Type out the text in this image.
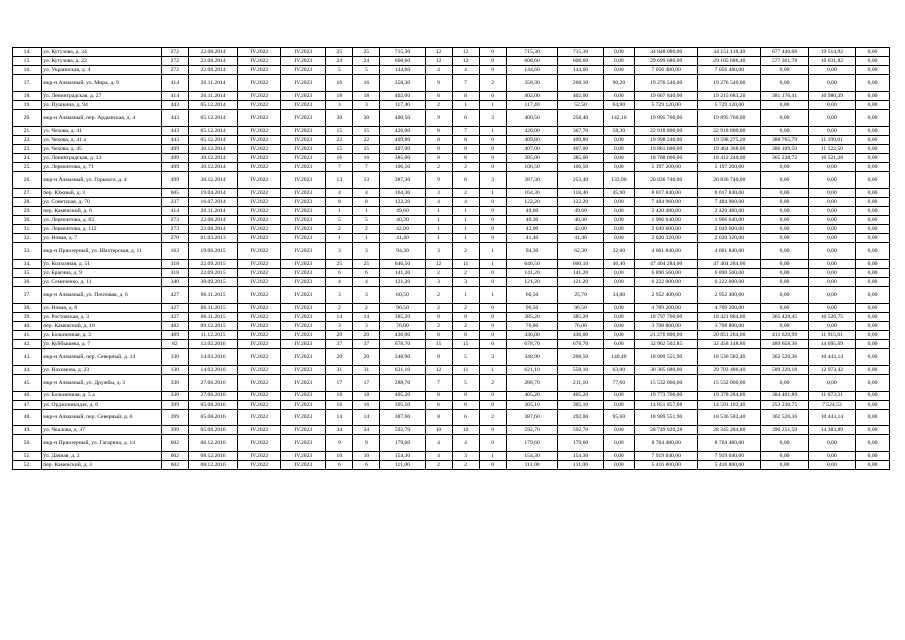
14.	ул. Кутузова, д. 34	272	22.08.2014	IV.2022	IV.2023	25	25	715,30	12	12	0	715,30	715,30	0,00	34 848 080,00	34 151 118,40	677 446,68	19 514,92	0,00
15.	ул. Кутузова, д. 22	272	22.08.2014	IV.2022	IV.2023	24	24	608,60	12	12	0	608,60	608,60	0,00	29 699 680,00	29 105 686,40	577 361,78	16 631,82	0,00
16.	ул. Украинская, д. 4	272	22.08.2014	IV.2022	IV.2023	5	5	144,60	4	4	0	144,60	144,60	0,00	7 056 480,00	7 056 480,00	0,00	0,00	0,00
17.	мкр-н Алмазный, ул. Мира, д. 9	414	26.11.2014	IV.2022	IV.2023	16	16	358,30	9	7	2	358,30	268,10	90,20	19 276 540,00	19 276 540,00	0,00	0,00	0,00
18.	ул. Ленинградская, д. 27	414	26.11.2014	IV.2022	IV.2023	18	18	402,00	8	8	0	402,00	402,00	0,00	19 607 840,00	19 215 683,20	381 176,41	10 980,39	0,00
19.	ул. Пушкина, д. 94	443	05.12.2014	IV.2022	IV.2023	3	3	117,40	2	1	1	117,40	52,50	64,90	5 729 120,00	5 729 120,00	0,00	0,00	0,00
20.	мкр-н Алмазный, пер. Ардынская, д. 4	443	05.12.2014	IV.2022	IV.2023	30	30	400,50	9	6	3	400,50	258,40	142,10	19 895 760,00	19 895 760,00	0,00	0,00	0,00
21.	ул. Чехова, д. 41	443	05.12.2014	IV.2022	IV.2023	15	15	426,00	8	7	1	426,00	367,70	58,30	22 918 800,00	22 918 800,00	0,00	0,00	0,00
22.	ул. Чехова, д. 41 а	443	05.12.2014	IV.2022	IV.2023	22	22	409,80	8	8	0	409,80	409,80	0,00	19 998 240,00	19 598 275,20	388 765,79	11 199,01	0,00
23.	ул. Чехова, д. 45	499	30.12.2014	IV.2022	IV.2023	15	15	407,00	8	8	0	407,00	407,00	0,00	19 861 600,00	19 464 368,00	386 109,50	11 122,50	0,00
24.	ул. Ленинградская, д. 13	499	30.12.2014	IV.2022	IV.2023	16	16	385,00	8	8	0	385,00	385,00	0,00	18 788 000,00	18 412 240,00	365 238,72	10 521,28	0,00
25.	ул. Лермонтова, д. 71	499	30.12.2014	IV.2022	IV.2023	7	7	106,50	2	2	0	106,50	106,50	0,00	5 197 200,00	5 197 200,00	0,00	0,00	0,00
26.	мкр-н Алмазный, ул. Горького, д. 4	499	30.12.2014	IV.2022	IV.2023	13	13	387,30	9	6	3	387,30	253,40	133,90	20 836 740,00	20 836 740,00	0,00	0,00	0,00
27.	пер. Южный, д. 3	605	19.04.2014	IV.2022	IV.2023	4	4	164,30	3	2	1	164,30	118,40	45,90	8 017 840,00	8 017 840,00	0,00	0,00	0,00
28.	ул. Советская, д. 70	237	16.07.2014	IV.2022	IV.2023	8	8	122,20	4	4	0	122,20	122,20	0,00	7 484 960,00	7 484 960,00	0,00	0,00	0,00
29.	пер. Каменский, д. 6	414	26.11.2014	IV.2022	IV.2023	1	1	49,60	1	1	0	49,60	49,60	0,00	2 420 480,00	2 420 480,00	0,00	0,00	0,00
30.	ул. Лермонтова, д. 83	273	22.08.2014	IV.2022	IV.2023	5	5	40,30	1	1	0	40,30	40,30	0,00	1 966 640,00	1 966 640,00	0,00	0,00	0,00
31.	ул. Лермонтова, д. 112	273	22.08.2014	IV.2022	IV.2023	2	2	42,00	1	1	0	42,00	42,00	0,00	2 049 600,00	2 049 600,00	0,00	0,00	0,00
32.	ул. Новая, д. 7	270	01.03.2013	IV.2022	IV.2023	1	1	41,40	1	1	0	41,40	41,40	0,00	2 020 320,00	2 020 320,00	0,00	0,00	0,00
33.	мкр-н Приозерный, ул. Шахтерская, д. 11	163	19.06.2015	IV.2022	IV.2023	3	3	94,30	3	2	1	94,30	62,30	32,00	4 601 840,00	4 601 840,00	0,00	0,00	0,00
34.	ул. Колхозная, д. 51	318	22.09.2015	IV.2022	IV.2023	25	25	646,50	12	11	1	646,50	600,10	46,40	47 404 284,00	47 404 284,00	0,00	0,00	0,00
35.	ул. Брагина, д. 9	318	22.09.2015	IV.2022	IV.2023	6	6	141,20	2	2	0	141,20	141,20	0,00	6 890 560,00	6 890 560,00	0,00	0,00	0,00
36.	ул. Семиченко, д. 11	340	30.09.2015	IV.2022	IV.2023	4	4	121,20	3	3	0	121,20	121,20	0,00	6 222 000,00	6 222 000,00	0,00	0,00	0,00
37.	мкр-н Алмазный, ул. Почтовая, д. 6	427	06.11.2015	IV.2022	IV.2023	3	3	60,50	2	1	1	60,50	25,70	34,80	2 952 400,00	2 952 400,00	0,00	0,00	0,00
38.	ул. Новая, д. 8	427	06.11.2015	IV.2022	IV.2023	2	2	96,50	2	2	0	96,50	96,50	0,00	4 709 200,00	4 709 200,00	0,00	0,00	0,00
39.	ул. Ростовская, д. 3	427	06.11.2015	IV.2022	IV.2023	14	14	385,20	8	8	0	385,20	385,20	0,00	18 797 760,00	18 421 804,80	365 428,45	10 526,75	0,00
40.	пер. Каменский, д. 10	482	09.12.2015	IV.2022	IV.2023	3	3	76,00	2	2	0	76,00	76,00	0,00	3 708 800,00	3 708 800,00	0,00	0,00	0,00
41.	ул. Больничная, д. 3	489	11.12.2015	IV.2022	IV.2023	20	20	436,00	8	8	0	436,00	436,00	0,00	21 276 800,00	20 851 264,00	413 620,99	11 915,01	0,00
42.	ул. Куйбышева, д. 7	82	12.02.2016	IV.2022	IV.2023	37	37	678,70	15	15	0	678,70	678,70	0,00	32 962 502,85	32 458 148,80	489 658,36	14 695,69	0,00
43.	мкр-н Алмазный, пер. Северный, д. 14	130	14.03.2016	IV.2022	IV.2023	20	20	348,90	8	5	3	348,90	208,50	140,40	18 909 551,90	18 536 582,40	362 526,36	10 443,14	0,00
44.	ул. Нахимова, д. 23	130	14.03.2016	IV.2022	IV.2023	31	31	621,10	12	11	1	621,10	558,10	63,00	30 305 680,00	29 703 486,40	589 220,18	12 973,42	0,00
45.	мкр-н Алмазный, ул. Дружбы, д. 3	330	27.06.2016	IV.2022	IV.2023	17	17	288,70	7	5	2	288,70	211,10	77,60	15 532 060,00	15 532 060,00	0,00	0,00	0,00
46.	ул. Больничная, д. 5 а	330	27.06.2016	IV.2022	IV.2023	18	18	405,20	8	8	0	405,20	405,20	0,00	19 773 760,00	19 378 284,80	384 401,89	11 073,31	0,00
47.	ул. Орджоникидзе, д. 6	399	05.08.2016	IV.2022	IV.2023	16	16	305,10	6	6	0	305,10	305,10	0,00	14 851 857,68	14 591 102,40	253 230,75	7 524,53	0,00
48.	мкр-н Алмазный, пер. Северный, д. 6	399	05.08.2016	IV.2022	IV.2023	14	14	387,60	8	6	2	387,60	292,00	95,60	18 909 551,90	18 536 582,40	362 526,36	10 443,14	0,00
49.	ул. Чкалова, д. 37	399	05.08.2016	IV.2022	IV.2023	34	34	592,70	10	10	0	592,70	592,70	0,00	28 749 920,28	28 345 284,80	390 251,59	14 383,89	0,00
50.	мкр-н Приозерный, ул. Гагарина, д. 14	602	06.12.2016	IV.2022	IV.2023	9	9	179,60	4	4	0	179,60	179,60	0,00	8 764 480,00	8 764 480,00	0,00	0,00	0,00
51.	ул. Дачная, д. 2	602	08.12.2016	IV.2022	IV.2023	10	10	154,30	4	3	1	154,30	154,30	0,00	7 919 040,00	7 919 040,00	0,00	0,00	0,00
52.	пер. Каменский, д. 3	602	08.12.2016	IV.2022	IV.2023	6	6	111,00	2	2	0	111,00	111,00	0,00	5 416 800,00	5 416 800,00	0,00	0,00	0,00
